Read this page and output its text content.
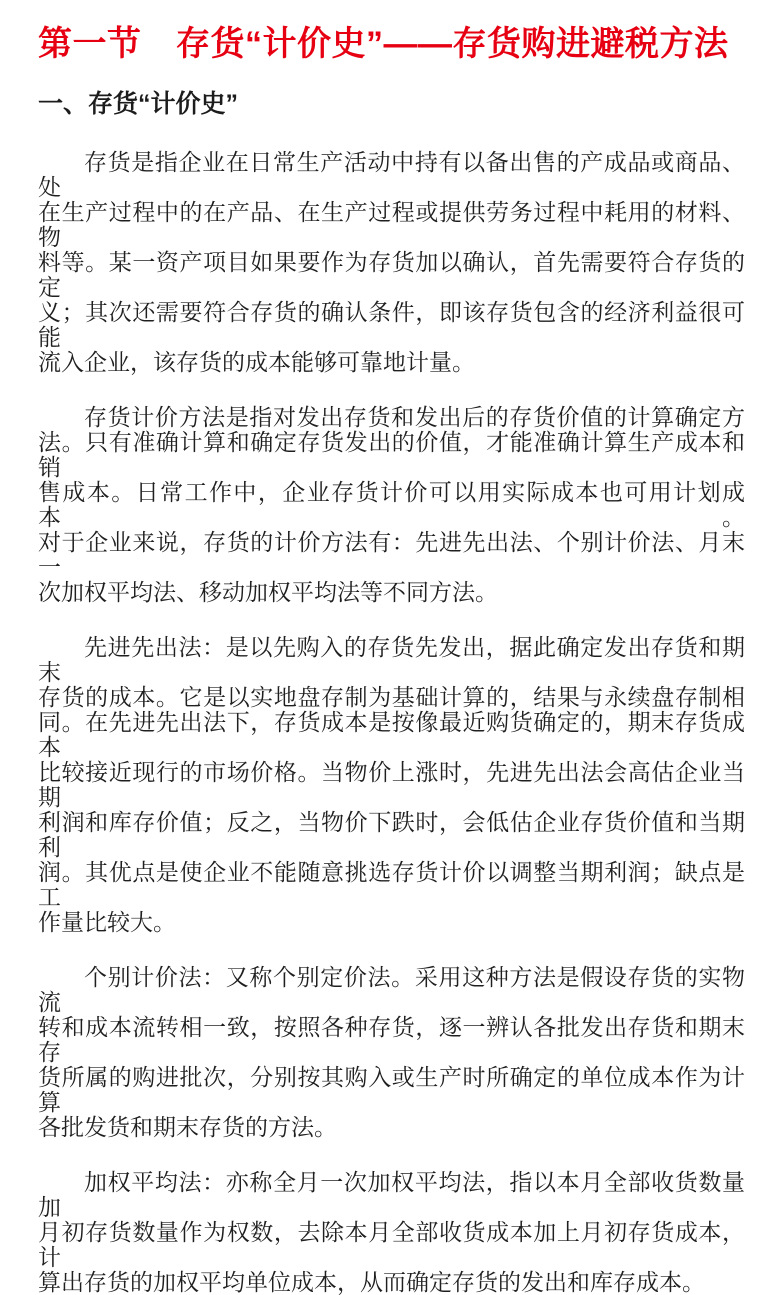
第一节　存货“计价史”——存货购进避税方法
一、存货“计价史”

存货是指企业在日常生产活动中持有以备出售的产成品或商品、处
在生产过程中的在产品、在生产过程或提供劳务过程中耗用的材料、物
料等。某一资产项目如果要作为存货加以确认，首先需要符合存货的定
义；其次还需要符合存货的确认条件，即该存货包含的经济利益很可能
流入企业，该存货的成本能够可靠地计量。

存货计价方法是指对发出存货和发出后的存货价值的计算确定方
法。只有准确计算和确定存货发出的价值，才能准确计算生产成本和销
售成本。日常工作中，企业存货计价可以用实际成本也可用计划成本。
对于企业来说，存货的计价方法有：先进先出法、个别计价法、月末一
次加权平均法、移动加权平均法等不同方法。

先进先出法：是以先购入的存货先发出，据此确定发出存货和期末
存货的成本。它是以实地盘存制为基础计算的，结果与永续盘存制相
同。在先进先出法下，存货成本是按像最近购货确定的，期末存货成本
比较接近现行的市场价格。当物价上涨时，先进先出法会高估企业当期
利润和库存价值；反之，当物价下跌时，会低估企业存货价值和当期利
润。其优点是使企业不能随意挑选存货计价以调整当期利润；缺点是工
作量比较大。

个别计价法：又称个别定价法。采用这种方法是假设存货的实物流
转和成本流转相一致，按照各种存货，逐一辨认各批发出存货和期末存
货所属的购进批次，分别按其购入或生产时所确定的单位成本作为计算
各批发货和期末存货的方法。

加权平均法：亦称全月一次加权平均法，指以本月全部收货数量加
月初存货数量作为权数，去除本月全部收货成本加上月初存货成本，计
算出存货的加权平均单位成本，从而确定存货的发出和库存成本。
